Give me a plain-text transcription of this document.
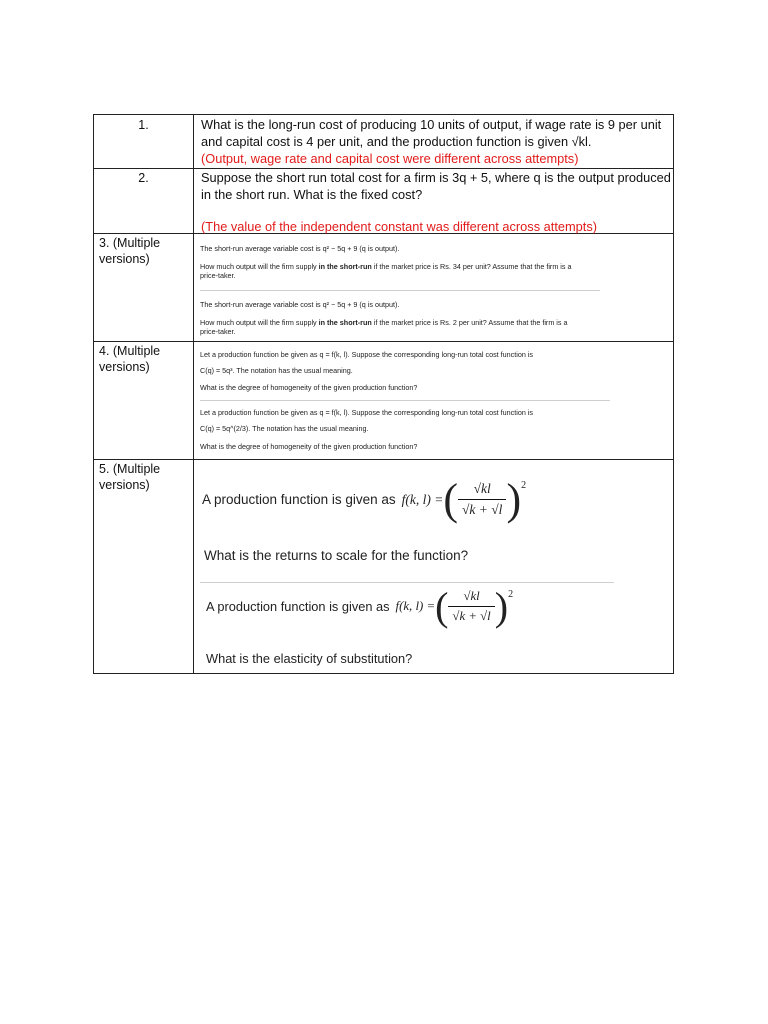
1.	What is the long-run cost of producing 10 units of output, if wage rate is 9 per unit and capital cost is 4 per unit, and the production function is given √kl.
(Output, wage rate and capital cost were different across attempts)
2.	Suppose the short run total cost for a firm is 3q + 5, where q is the output produced in the short run. What is the fixed cost?
(The value of the independent constant was different across attempts)
3. (Multiple versions)
The short-run average variable cost is q² − 5q + 9 (q is output).
How much output will the firm supply in the short-run if the market price is Rs. 34 per unit? Assume that the firm is a
price-taker.
The short-run average variable cost is q² − 5q + 9 (q is output).
How much output will the firm supply in the short-run if the market price is Rs. 2 per unit? Assume that the firm is a
price-taker.
4. (Multiple versions)
Let a production function be given as q = f(k, l). Suppose the corresponding long-run total cost function is
C(q) = 5q³. The notation has the usual meaning.
What is the degree of homogeneity of the given production function?
Let a production function be given as q = f(k, l). Suppose the corresponding long-run total cost function is
C(q) = 5q^(2/3). The notation has the usual meaning.
What is the degree of homogeneity of the given production function?
5. (Multiple versions)
A production function is given as f(k, l) = ( $\frac{√kl}{√k + √l} )^2$
What is the returns to scale for the function?
A production function is given as f(k, l) = ( $\frac{√kl}{√k + √l} )^2$
What is the elasticity of substitution?
